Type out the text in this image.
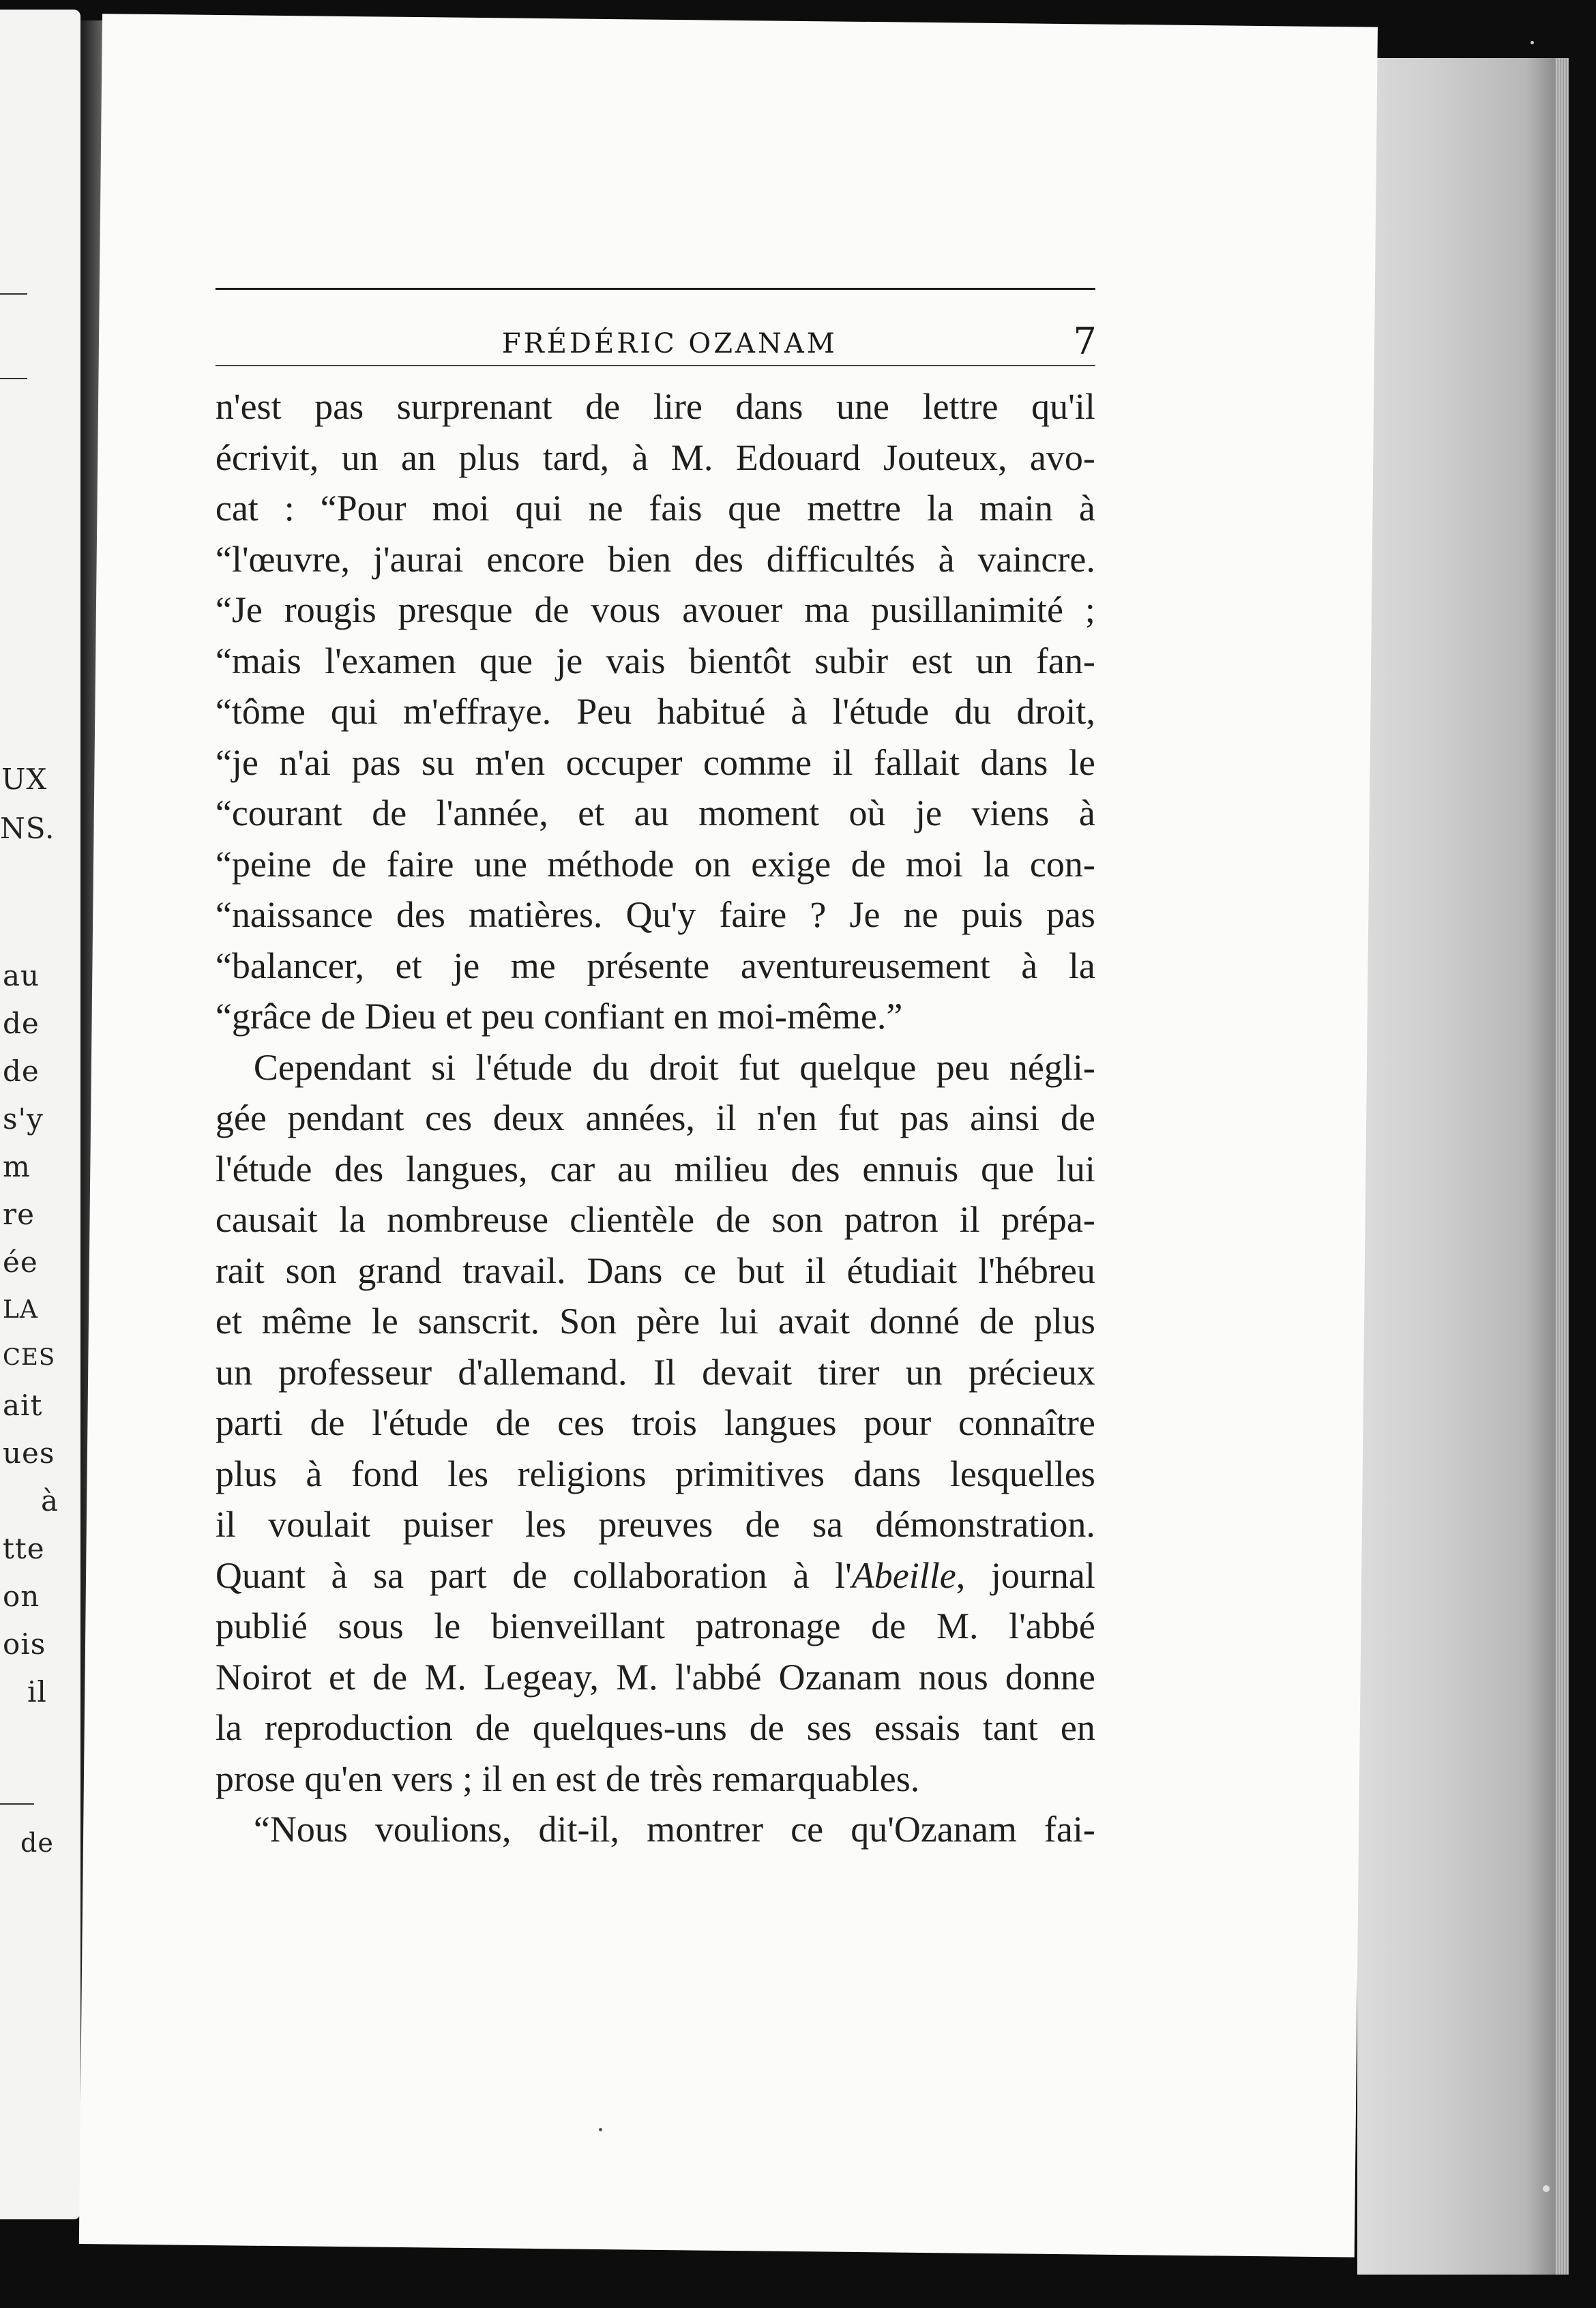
UX
NS.
au
de
de
s'y
m
re
ée
LA
CES
ait
ues
à
tte
on
ois
il
de
FRÉDÉRIC OZANAM	7
n'est pas surprenant de lire dans une lettre qu'il
écrivit, un an plus tard, à M. Edouard Jouteux, avo-
cat : “Pour moi qui ne fais que mettre la main à
“l'œuvre, j'aurai encore bien des difficultés à vaincre.
“Je rougis presque de vous avouer ma pusillanimité ;
“mais l'examen que je vais bientôt subir est un fan-
“tôme qui m'effraye. Peu habitué à l'étude du droit,
“je n'ai pas su m'en occuper comme il fallait dans le
“courant de l'année, et au moment où je viens à
“peine de faire une méthode on exige de moi la con-
“naissance des matières. Qu'y faire ? Je ne puis pas
“balancer, et je me présente aventureusement à la
“grâce de Dieu et peu confiant en moi-même.”
Cependant si l'étude du droit fut quelque peu négli-
gée pendant ces deux années, il n'en fut pas ainsi de
l'étude des langues, car au milieu des ennuis que lui
causait la nombreuse clientèle de son patron il prépa-
rait son grand travail. Dans ce but il étudiait l'hébreu
et même le sanscrit. Son père lui avait donné de plus
un professeur d'allemand. Il devait tirer un précieux
parti de l'étude de ces trois langues pour connaître
plus à fond les religions primitives dans lesquelles
il voulait puiser les preuves de sa démonstration.
Quant à sa part de collaboration à l'Abeille, journal
publié sous le bienveillant patronage de M. l'abbé
Noirot et de M. Legeay, M. l'abbé Ozanam nous donne
la reproduction de quelques-uns de ses essais tant en
prose qu'en vers ; il en est de très remarquables.
“Nous voulions, dit-il, montrer ce qu'Ozanam fai-
